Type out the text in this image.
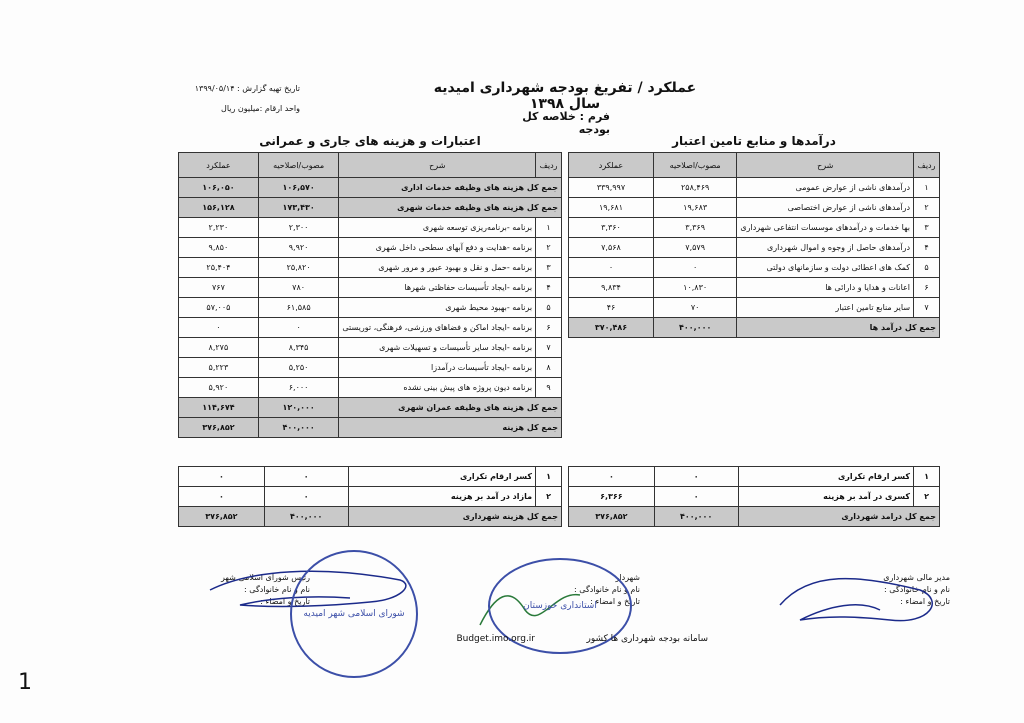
عملکرد / تفریغ بودجه شهرداری امیدیه سال ۱۳۹۸
فرم : خلاصه کل بودجه
تاریخ تهیه گزارش : ۱۳۹۹/۰۵/۱۴
واحد ارقام :میلیون ریال
درآمدها و منابع تامین اعتبار
اعتبارات و هزینه های جاری و عمرانی
ردیف	شرح	مصوب/اصلاحیه	عملکرد
۱	درآمدهای ناشی از عوارض عمومی	۲۵۸,۴۶۹	۳۳۹,۹۹۷
۲	درآمدهای ناشی از عوارض اختصاصی	۱۹,۶۸۳	۱۹,۶۸۱
۳	بها خدمات و درآمدهای موسسات انتفاعی شهرداری	۳,۳۶۹	۳,۳۶۰
۴	درآمدهای حاصل از وجوه و اموال شهرداری	۷,۵۷۹	۷,۵۶۸
۵	کمک های اعطائی دولت و سازمانهای دولتی	۰	۰
۶	اعانات و هدایا و دارائی ها	۱۰,۸۳۰	۹,۸۳۴
۷	سایر منابع تامین اعتبار	۷۰	۴۶
جمع کل درآمد ها		۴۰۰,۰۰۰	۳۷۰,۴۸۶
ردیف	شرح	مصوب/اصلاحیه	عملکرد
جمع کل هزینه های وظیفه خدمات اداری		۱۰۶,۵۷۰	۱۰۶,۰۵۰
جمع کل هزینه های وظیفه خدمات شهری		۱۷۳,۴۳۰	۱۵۶,۱۲۸
۱	برنامه -برنامه‌ریزی توسعه شهری	۲,۳۰۰	۲,۲۳۰
۲	برنامه -هدایت و دفع آبهای سطحی داخل شهری	۹,۹۲۰	۹,۸۵۰
۳	برنامه -حمل و نقل و بهبود عبور و مرور شهری	۲۵,۸۲۰	۲۵,۴۰۴
۴	برنامه -ایجاد تأسیسات حفاظتی شهرها	۷۸۰	۷۶۷
۵	برنامه -بهبود محیط شهری	۶۱,۵۸۵	۵۷,۰۰۵
۶	برنامه -ایجاد اماکن و فضاهای ورزشی، فرهنگی، توریستی	۰	۰
۷	برنامه -ایجاد سایر تأسیسات و تسهیلات شهری	۸,۳۴۵	۸,۲۷۵
۸	برنامه -ایجاد تأسیسات درآمدزا	۵,۲۵۰	۵,۲۲۳
۹	برنامه دیون پروژه های پیش بینی نشده	۶,۰۰۰	۵,۹۲۰
جمع کل هزینه های وظیفه عمران شهری		۱۲۰,۰۰۰	۱۱۴,۶۷۴
جمع کل هزینه		۴۰۰,۰۰۰	۳۷۶,۸۵۲
۱	کسر ارقام تکراری	۰	۰
۲	کسری در آمد بر هزینه	۰	۶,۳۶۶
جمع کل درامد شهرداری		۴۰۰,۰۰۰	۳۷۶,۸۵۲
۱	کسر ارقام تکراری	۰	۰
۲	مازاد در آمد بر هزینه	۰	۰
جمع کل هزینه شهرداری		۴۰۰,۰۰۰	۳۷۶,۸۵۲
مدیر مالی شهرداری
نام و نام خانوادگی :
تاریخ و امضاء :
شهردار
نام و نام خانوادگی :
تاریخ و امضاء :
رئیس شورای اسلامی شهر
نام و نام خانوادگی :
تاریخ و امضاء :
شورای اسلامی شهر امیدیه
استانداری خوزستان
Budget.imo.org.ir	سامانه بودجه شهرداری ها کشور
1
